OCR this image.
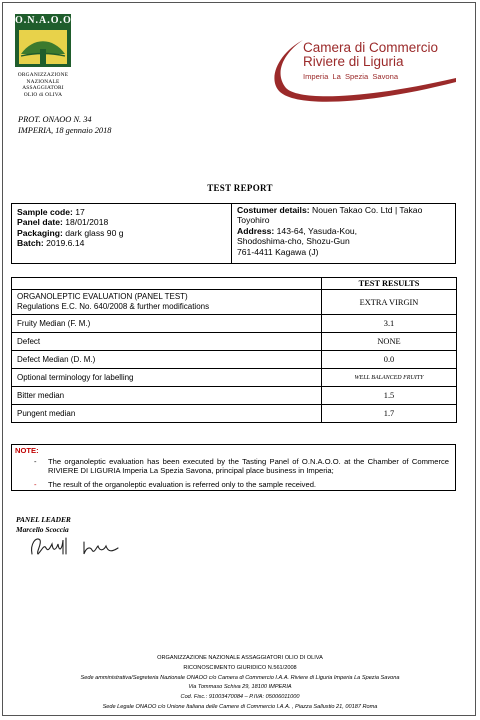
O.N.A.O.O.
ORGANIZZAZIONE
NAZIONALE
ASSAGGIATORI
OLIO di OLIVA
Camera di Commercio
Riviere di Liguria
Imperia La Spezia Savona
PROT. ONAOO N. 34
IMPERIA, 18 gennaio 2018
TEST REPORT
Sample code: 17
Panel date: 18/01/2018
Packaging: dark glass 90 g
Batch: 2019.6.14
Costumer details: Nouen Takao Co. Ltd | Takao Toyohiro
Address: 143-64, Yasuda-Kou,
Shodoshima-cho, Shozu-Gun
761-4411 Kagawa (J)
	TEST RESULTS

ORGANOLEPTIC EVALUATION (PANEL TEST)
Regulations E.C. No. 640/2008 & further modifications	EXTRA VIRGIN
Fruity Median (F. M.)	3.1
Defect	NONE
Defect Median (D. M.)	0.0
Optional terminology for labelling	WELL BALANCED FRUITY
Bitter median	1.5
Pungent median	1.7
NOTE:
- The organoleptic evaluation has been executed by the Tasting Panel of O.N.A.O.O. at the Chamber of Commerce RIVIERE DI LIGURIA Imperia La Spezia Savona, principal place business in Imperia;
- The result of the organoleptic evaluation is referred only to the sample received.
PANEL LEADER
Marcello Scoccia
ORGANIZZAZIONE NAZIONALE ASSAGGIATORI OLIO DI OLIVA
RICONOSCIMENTO GIURIDICO N.561/2008
Sede amministrativa/Segreteria Nazionale ONAOO c/o Camera di Commercio I.A.A. Riviere di Liguria Imperia La Spezia Savona
Via Tommaso Schiva 29, 18100 IMPERIA
Cod. Fisc.: 91003470084 – P.IVA: 05006011000
Sede Legale ONAOO c/o Unione Italiana delle Camere di Commercio I.A.A. , Piazza Sallustio 21, 00187 Roma
